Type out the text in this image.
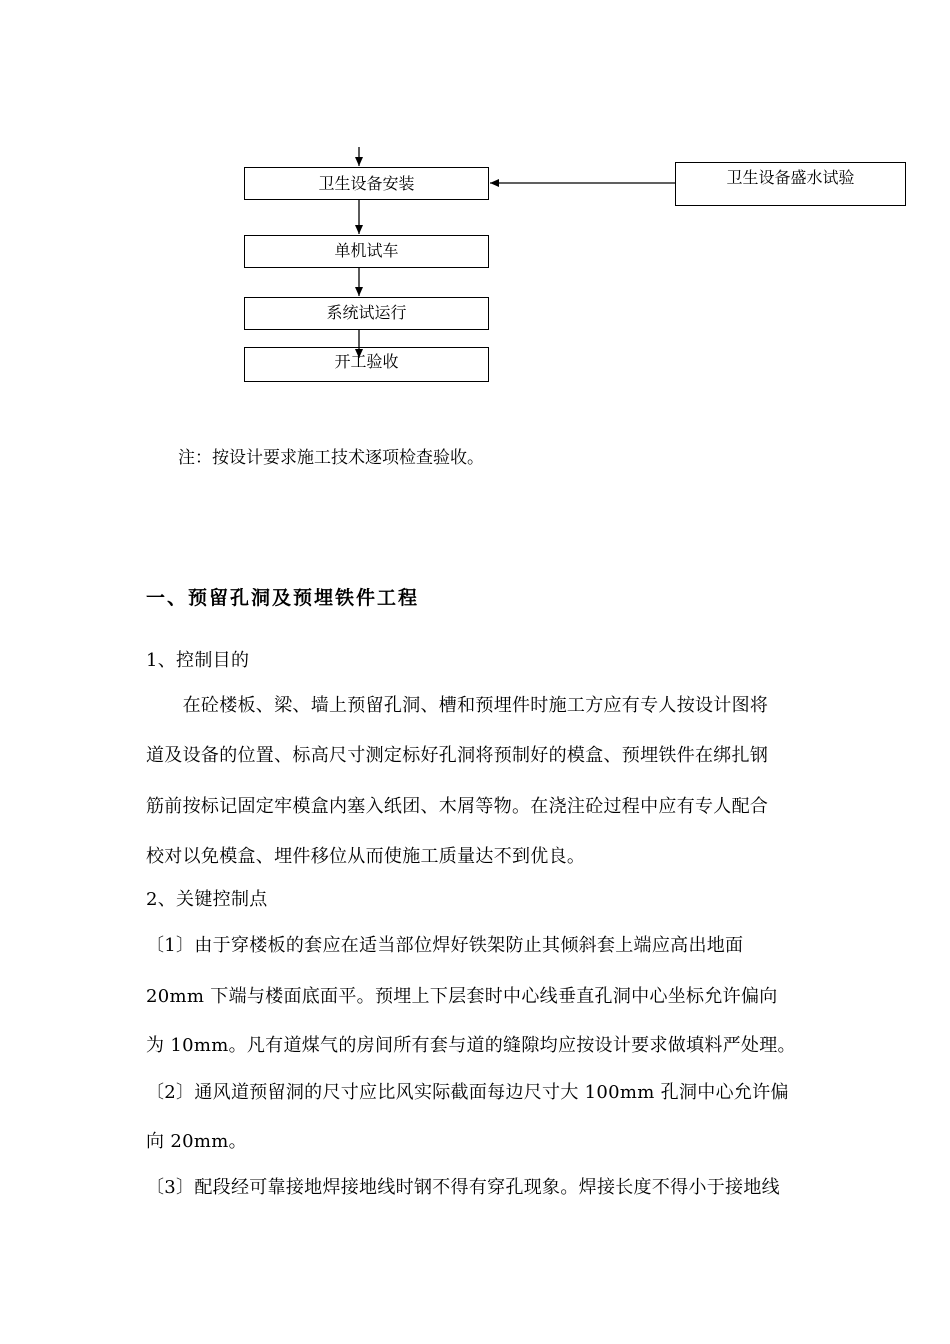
卫生设备安装
单机试车
系统试运行
开工验收
卫生设备盛水试验
注：按设计要求施工技术逐项检查验收。
一、预留孔洞及预埋铁件工程
1、控制目的
　　在砼楼板、梁、墙上预留孔洞、槽和预埋件时施工方应有专人按设计图将
道及设备的位置、标高尺寸测定标好孔洞将预制好的模盒、预埋铁件在绑扎钢
筋前按标记固定牢模盒内塞入纸团、木屑等物。在浇注砼过程中应有专人配合
校对以免模盒、埋件移位从而使施工质量达不到优良。
2、关键控制点
〔1〕由于穿楼板的套应在适当部位焊好铁架防止其倾斜套上端应高出地面
20mm 下端与楼面底面平。预埋上下层套时中心线垂直孔洞中心坐标允许偏向
为 10mm。凡有道煤气的房间所有套与道的缝隙均应按设计要求做填料严处理。
〔2〕通风道预留洞的尺寸应比风实际截面每边尺寸大 100mm 孔洞中心允许偏
向 20mm。
〔3〕配段经可靠接地焊接地线时钢不得有穿孔现象。焊接长度不得小于接地线
